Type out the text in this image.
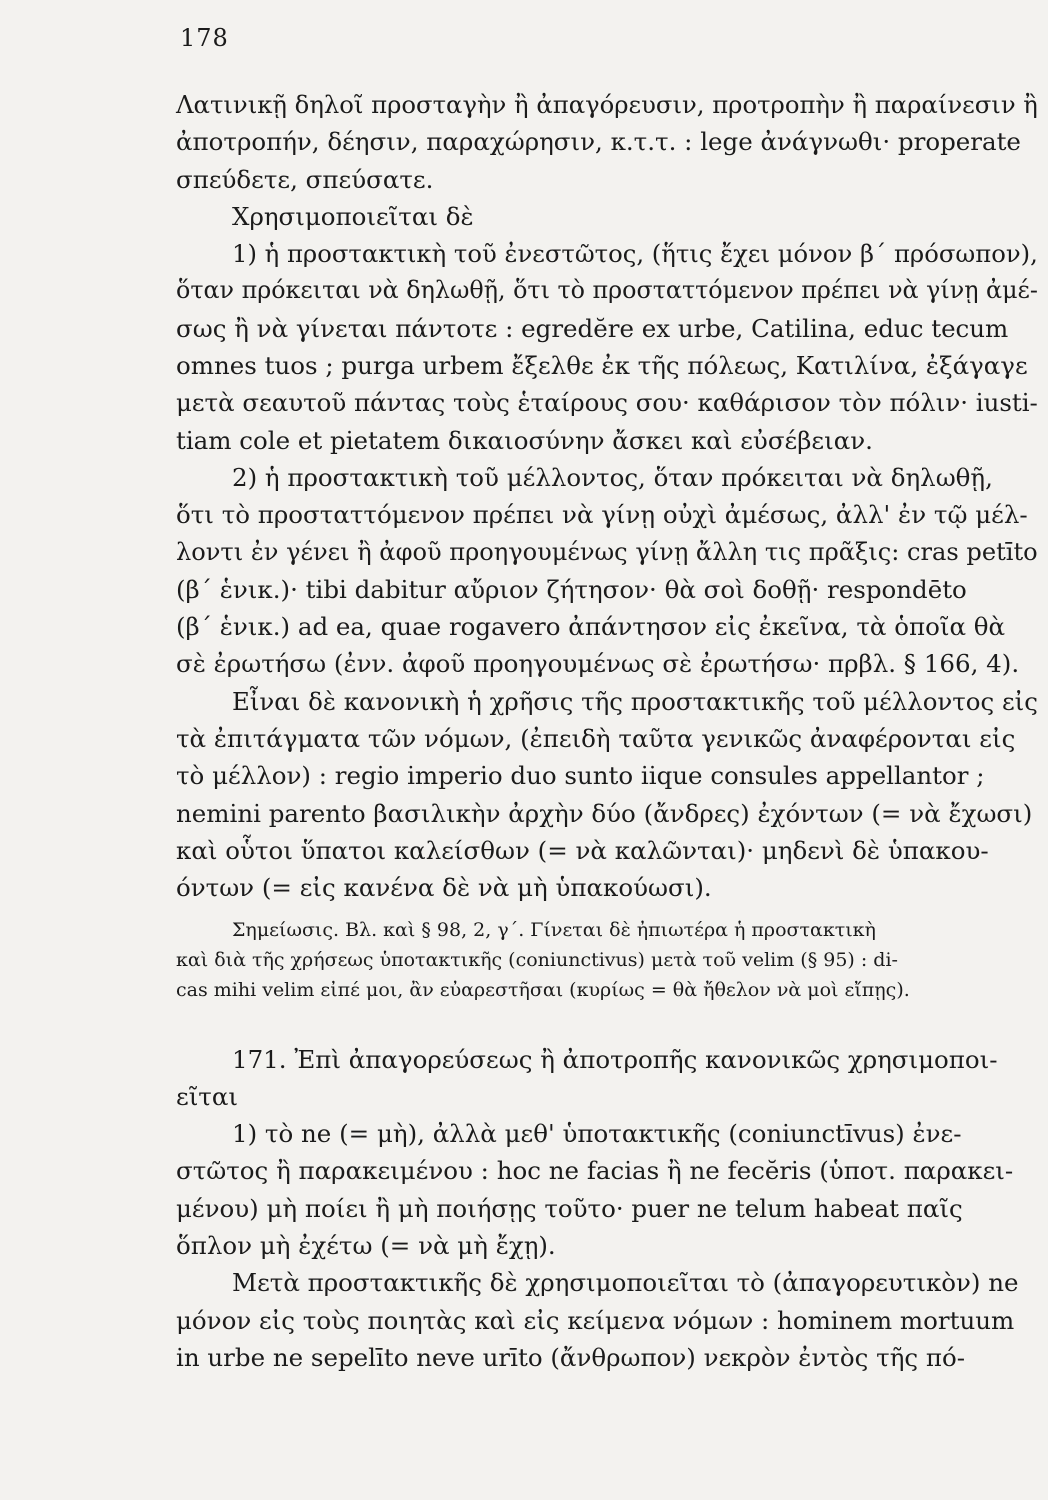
178
Λατινικῇ δηλοῖ προσταγὴν ἢ ἀπαγόρευσιν, προτροπὴν ἢ παραίνεσιν ἢ
ἀποτροπήν, δέησιν, παραχώρησιν, κ.τ.τ. : lege ἀνάγνωθι· properate
σπεύδετε, σπεύσατε.
Χρησιμοποιεῖται δὲ
1) ἡ προστακτικὴ τοῦ ἐνεστῶτος, (ἥτις ἔχει μόνον β΄ πρόσωπον),
ὅταν πρόκειται νὰ δηλωθῇ, ὅτι τὸ προσταττόμενον πρέπει νὰ γίνῃ ἀμέ-
σως ἢ νὰ γίνεται πάντοτε : egredĕre ex urbe, Catilina, educ tecum
omnes tuos ; purga urbem ἔξελθε ἐκ τῆς πόλεως, Κατιλίνα, ἐξάγαγε
μετὰ σεαυτοῦ πάντας τοὺς ἑταίρους σου· καθάρισον τὸν πόλιν· iusti-
tiam cole et pietatem δικαιοσύνην ἄσκει καὶ εὐσέβειαν.
2) ἡ προστακτικὴ τοῦ μέλλοντος, ὅταν πρόκειται νὰ δηλωθῇ,
ὅτι τὸ προσταττόμενον πρέπει νὰ γίνῃ οὐχὶ ἀμέσως, ἀλλ' ἐν τῷ μέλ-
λοντι ἐν γένει ἢ ἀφοῦ προηγουμένως γίνῃ ἄλλη τις πρᾶξις: cras petīto
(β΄ ἑνικ.)· tibi dabitur αὔριον ζήτησον· θὰ σοὶ δοθῇ· respondēto
(β΄ ἑνικ.) ad ea, quae rogavero ἀπάντησον εἰς ἐκεῖνα, τὰ ὁποῖα θὰ
σὲ ἐρωτήσω (ἐνν. ἀφοῦ προηγουμένως σὲ ἐρωτήσω· πρβλ. § 166, 4).
Εἶναι δὲ κανονικὴ ἡ χρῆσις τῆς προστακτικῆς τοῦ μέλλοντος εἰς
τὰ ἐπιτάγματα τῶν νόμων, (ἐπειδὴ ταῦτα γενικῶς ἀναφέρονται εἰς
τὸ μέλλον) : regio imperio duo sunto iique consules appellantor ;
nemini parento βασιλικὴν ἀρχὴν δύο (ἄνδρες) ἐχόντων (= νὰ ἔχωσι)
καὶ οὗτοι ὕπατοι καλείσθων (= νὰ καλῶνται)· μηδενὶ δὲ ὑπακου-
όντων (= εἰς κανένα δὲ νὰ μὴ ὑπακούωσι).
Σημείωσις. Βλ. καὶ § 98, 2, γ΄. Γίνεται δὲ ἠπιωτέρα ἡ προστακτικὴ
καὶ διὰ τῆς χρήσεως ὑποτακτικῆς (coniunctivus) μετὰ τοῦ velim (§ 95) : di-
cas mihi velim εἰπέ μοι, ἂν εὐαρεστῆσαι (κυρίως = θὰ ἤθελον νὰ μοὶ εἴπῃς).
171. Ἐπὶ ἀπαγορεύσεως ἢ ἀποτροπῆς κανονικῶς χρησιμοποι-
εῖται
1) τὸ ne (= μὴ), ἀλλὰ μεθ' ὑποτακτικῆς (coniunctīvus) ἐνε-
στῶτος ἢ παρακειμένου : hoc ne facias ἢ ne fecĕris (ὑποτ. παρακει-
μένου) μὴ ποίει ἢ μὴ ποιήσῃς τοῦτο· puer ne telum habeat παῖς
ὅπλον μὴ ἐχέτω (= νὰ μὴ ἔχῃ).
Μετὰ προστακτικῆς δὲ χρησιμοποιεῖται τὸ (ἀπαγορευτικὸν) ne
μόνον εἰς τοὺς ποιητὰς καὶ εἰς κείμενα νόμων : hominem mortuum
in urbe ne sepelīto neve urīto (ἄνθρωπον) νεκρὸν ἐντὸς τῆς πό-
